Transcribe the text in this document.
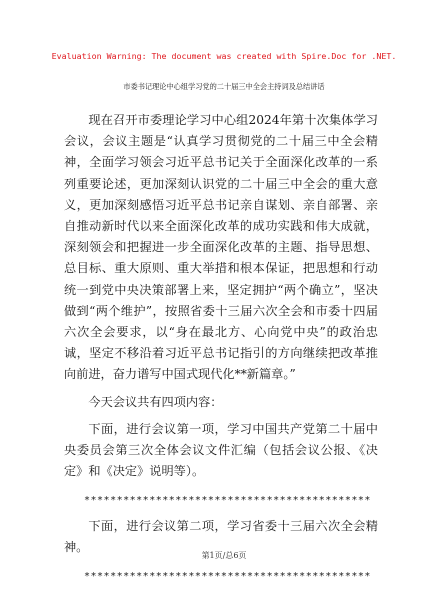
Evaluation Warning: The document was created with Spire.Doc for .NET.
市委书记理论中心组学习党的二十届三中全会主持词及总结讲话

现在召开市委理论学习中心组2024年第十次集体学习会议，会议主题是“认真学习贯彻党的二十届三中全会精神，全面学习领会习近平总书记关于全面深化改革的一系列重要论述，更加深刻认识党的二十届三中全会的重大意义，更加深刻感悟习近平总书记亲自谋划、亲自部署、亲自推动新时代以来全面深化改革的成功实践和伟大成就，深刻领会和把握进一步全面深化改革的主题、指导思想、总目标、重大原则、重大举措和根本保证，把思想和行动统一到党中央决策部署上来，坚定拥护“两个确立”，坚决做到“两个维护”，按照省委十三届六次全会和市委十四届六次全会要求，以“身在最北方、心向党中央”的政治忠诚，坚定不移沿着习近平总书记指引的方向继续把改革推向前进，奋力谱写中国式现代化**新篇章。”

今天会议共有四项内容：

下面，进行会议第一项，学习中国共产党第二十届中央委员会第三次全体会议文件汇编（包括会议公报、《决定》和《决定》说明等）。

********************************************

下面，进行会议第二项，学习省委十三届六次全会精神。

********************************************

第1页/总6页
